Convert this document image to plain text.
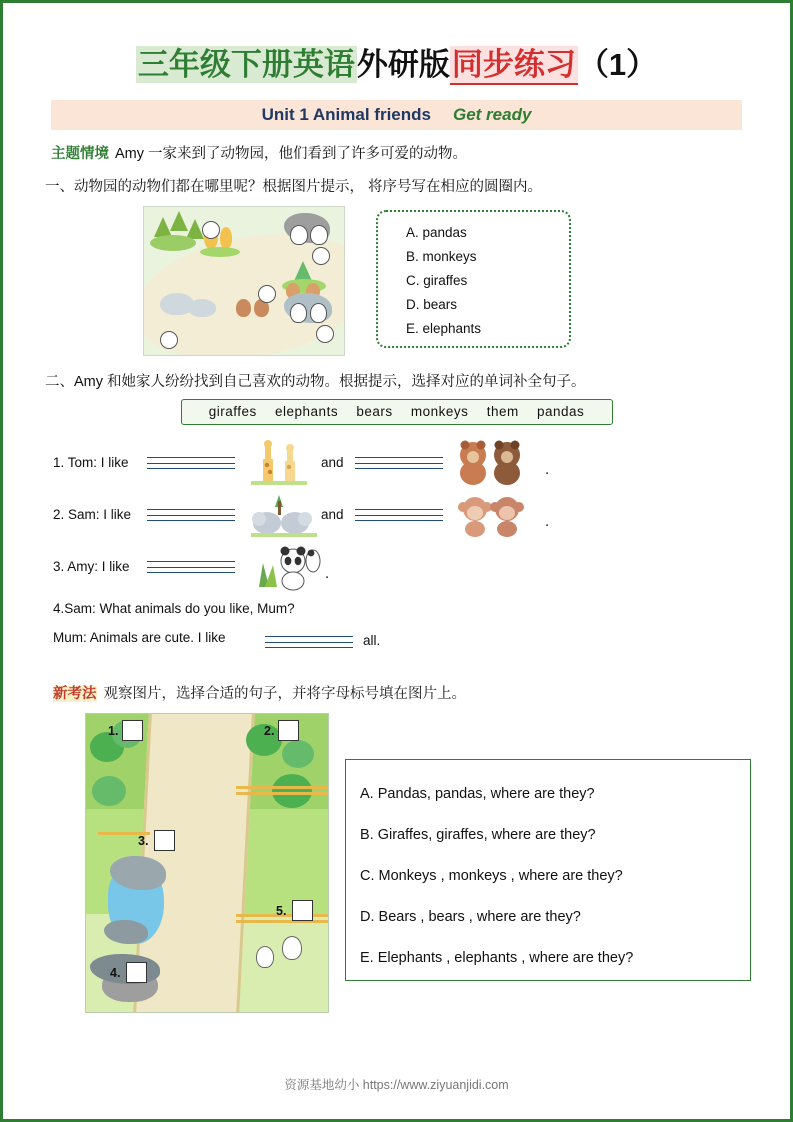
三年级下册英语外研版同步练习（1）
Unit 1 Animal friends Get ready
主题情境 Amy 一家来到了动物园，他们看到了许多可爱的动物。
一、动物园的动物们都在哪里呢？根据图片提示， 将序号写在相应的圆圈内。
A. pandas
B. monkeys
C. giraffes
D. bears
E. elephants
二、Amy 和她家人纷纷找到自己喜欢的动物。根据提示，选择对应的单词补全句子。
giraffes elephants bears monkeys them pandas
1. Tom: I like	and	.
2. Sam: I like	and	.
3. Amy: I like	.
4.Sam: What animals do you like, Mum?
Mum: Animals are cute. I like	all.
新考法 观察图片，选择合适的句子，并将字母标号填在图片上。
1.	2.
3.
4.
5.
A. Pandas, pandas, where are they?
B. Giraffes, giraffes, where are they?
C. Monkeys , monkeys , where are they?
D. Bears , bears , where are they?
E. Elephants , elephants , where are they?
资源基地幼小 https://www.ziyuanjidi.com
